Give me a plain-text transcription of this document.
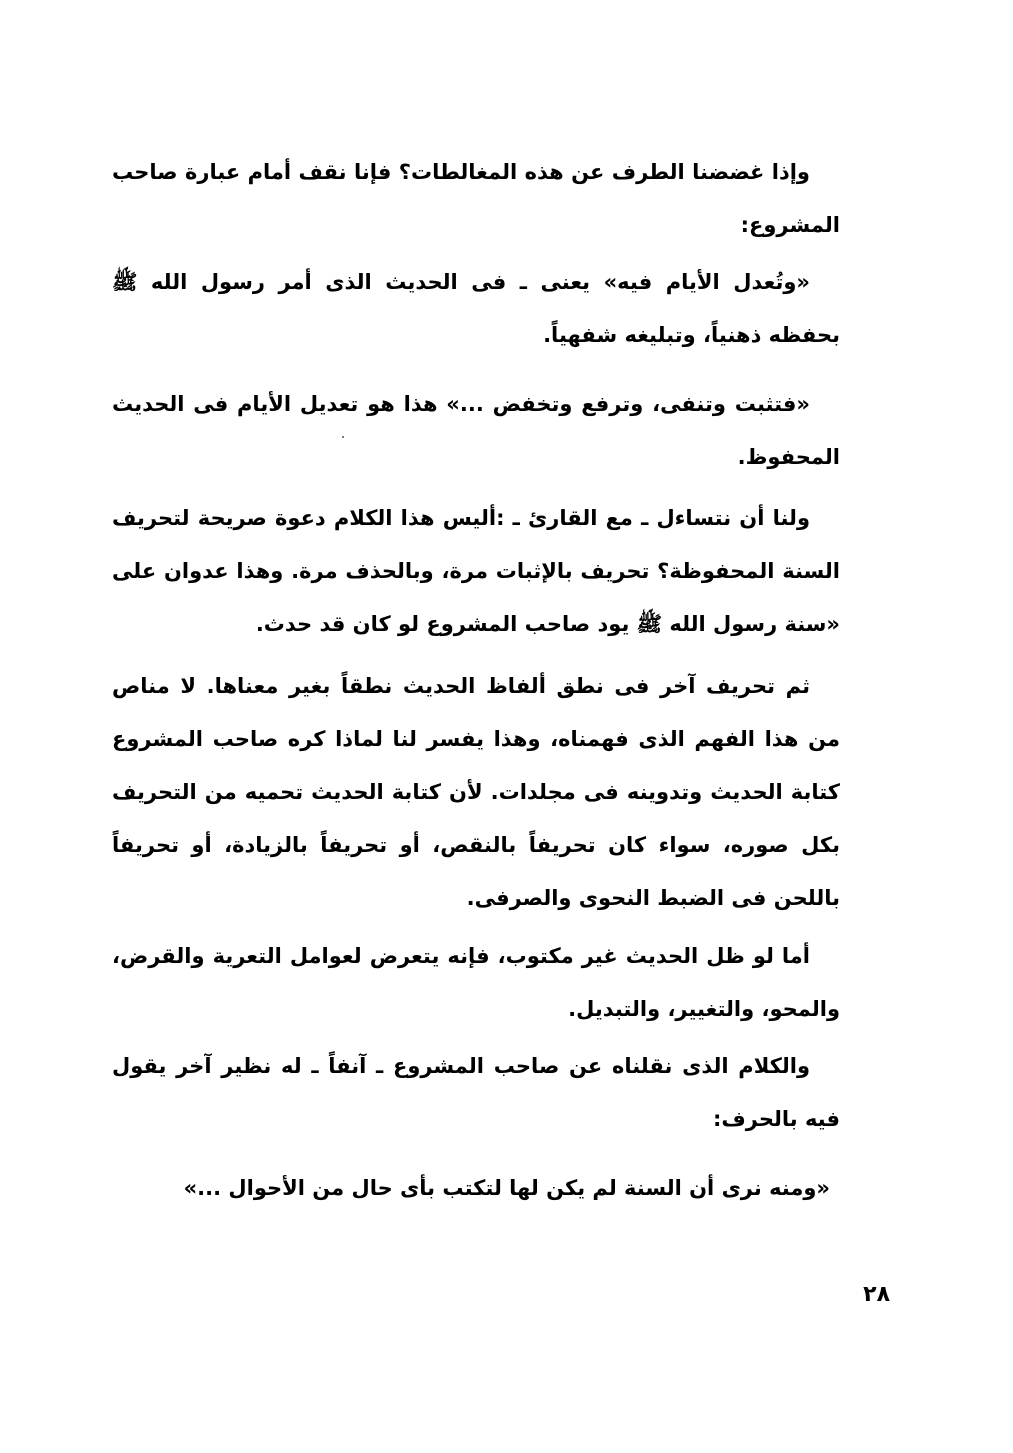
وإذا غضضنا الطرف عن هذه المغالطات؟ فإنا نقف أمام عبارة صاحب المشروع:

«وتُعدل الأيام فيه» يعنى ـ فى الحديث الذى أمر رسول الله ﷺ بحفظه ذهنياً، وتبليغه شفهياً.

«فتثبت وتنفى، وترفع وتخفض ...» هذا هو تعديل الأيام فى الحديث المحفوظ.

ولنا أن نتساءل ـ مع القارئ ـ :أليس هذا الكلام دعوة صريحة لتحريف السنة المحفوظة؟ تحريف بالإثبات مرة، وبالحذف مرة. وهذا عدوان على «سنة رسول الله ﷺ يود صاحب المشروع لو كان قد حدث.

ثم تحريف آخر فى نطق ألفاظ الحديث نطقاً بغير معناها. لا مناص من هذا الفهم الذى فهمناه، وهذا يفسر لنا لماذا كره صاحب المشروع كتابة الحديث وتدوينه فى مجلدات. لأن كتابة الحديث تحميه من التحريف بكل صوره، سواء كان تحريفاً بالنقص، أو تحريفاً بالزيادة، أو تحريفاً باللحن فى الضبط النحوى والصرفى.

أما لو ظل الحديث غير مكتوب، فإنه يتعرض لعوامل التعرية والقرض، والمحو، والتغيير، والتبديل.

والكلام الذى نقلناه عن صاحب المشروع ـ آنفاً ـ له نظير آخر يقول فيه بالحرف:

«ومنه نرى أن السنة لم يكن لها لتكتب بأى حال من الأحوال ...»

٢٨
